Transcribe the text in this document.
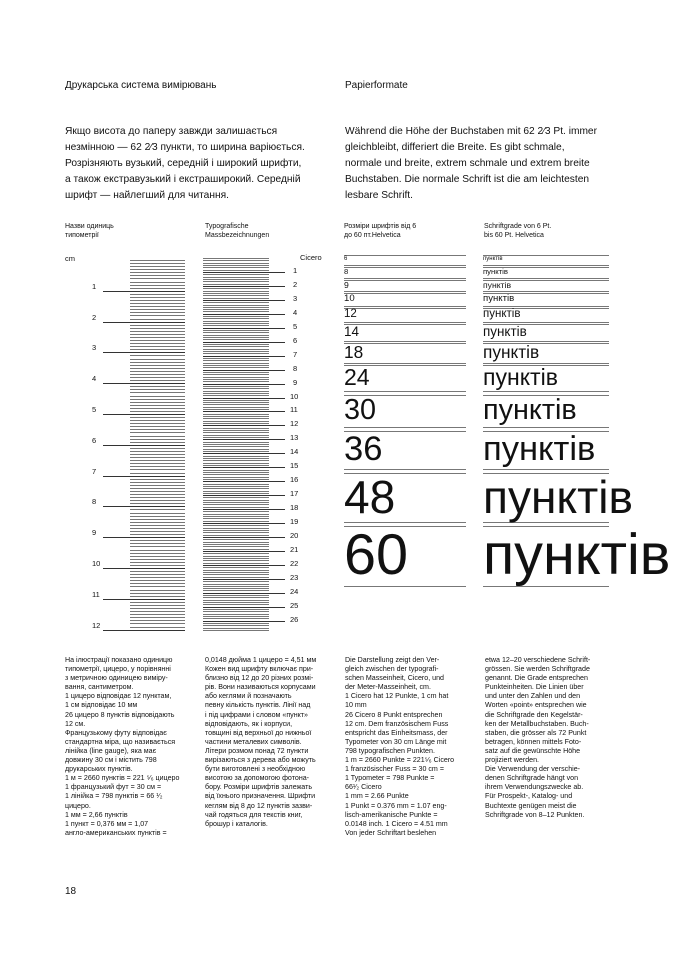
Друкарська система вимірювань	Papierformate
Якщо висота до паперу завжди залишається
незмінною — 62 2⁄3 пункти, то ширина варіюється.
Розрізняють вузький, середній і широкий шрифти,
а також екстравузький і екстраширокий. Середній
шрифт — найлегший для читання.
Während die Höhe der Buchstaben mit 62 2⁄3 Pt. immer
gleichbleibt, differiert die Breite. Es gibt schmale,
normale und breite, extrem schmale und extrem breite
Buchstaben. Die normale Schrift ist die am leichtesten
lesbare Schrift.
Назви одиниць
типометрії
Typografische
Massbezeichnungen
Розміри шрифтів від 6
до 60 пт.Helvetica
Schriftgrade von 6 Pt.
bis 60 Pt. Helvetica
cm	Cicero
1
2
3
4
5
6
7
8
9
10
11
12
1
2
3
4
5
6
7
8
9
10
11
12
13
14
15
16
17
18
19
20
21
22
23
24
25
26
6
8
9
10
12
14
18
24
30
36
48
60
пунктів
пунктів
пунктів
пунктів
пунктів
пунктів
пунктів
пунктів
пунктів
пунктів
пунктів
пунктів
На ілюстрації показано одиницю
типометрії, цицеро, у порівнянні
з метричною одиницею виміру-
вання, сантиметром.
1 цицеро відповідає 12 пунктам,
1 см відповідає 10 мм
26 цицеро 8 пунктів відповідають
12 см.
Французькому футу відповідає
стандартна міра, що називається
лінійка (line gauge), яка має
довжину 30 см і містить 798
друкарських пунктів.
1 м = 2660 пунктів = 221 ⁵⁄₆ цицеро
1 французький фут = 30 см =
1 лінійка = 798 пунктів = 66 ¹⁄₂
цицеро.
1 мм = 2,66 пунктів
1 пункт = 0,376 мм = 1,07
англо-американських пунктів =
0,0148 дюйма 1 цицеро = 4,51 мм
Кожен вид шрифту включає при-
близно від 12 до 20 різних розмі-
рів. Вони називаються корпусами
або кеглями й позначають
певну кількість пунктів. Лінії над
і під цифрами і словом «пункт»
відповідають, як і корпуси,
товщині від верхньої до нижньої
частини металевих символів.
Літери розмом понад 72 пункти
вирізаються з дерева або можуть
бути виготовлені з необхідною
висотою за допомогою фотона-
бору. Розміри шрифтів залежать
від їхнього призначення. Шрифти
кеглям від 8 до 12 пунктів зазви-
чай годяться для текстів книг,
брошур і каталогів.
Die Darstellung zeigt den Ver-
gleich zwischen der typografi-
schen Masseinheit, Cicero, und
der Meter-Masseinheit, cm.
1 Cicero hat 12 Punkte, 1 cm hat
10 mm
26 Cicero 8 Punkt entsprechen
12 cm. Dem französischem Fuss
entspricht das Einheitsmass, der
Typometer von 30 cm Länge mit
798 typografischen Punkten.
1 m = 2660 Punkte = 221⁵⁄₆ Cicero
1 französischer Fuss = 30 cm =
1 Typometer = 798 Punkte =
66¹⁄₂ Cicero
1 mm = 2.66 Punkte
1 Punkt = 0.376 mm = 1.07 eng-
lisch-amerikanische Punkte =
0.0148 inch. 1 Cicero = 4.51 mm
Von jeder Schriftart beslehen
etwa 12–20 verschiedene Schrift-
grössen. Sie werden Schriftgrade
genannt. Die Grade entsprechen
Punkteinheiten. Die Linien über
und unter den Zahlen und den
Worten «point» entsprechen wie
die Schriftgrade den Kegelstär-
ken der Metallbuchstaben. Buch-
staben, die grösser als 72 Punkt
betragen, können mittels Foto-
satz auf die gewünschte Höhe
projiziert werden.
Die Verwendung der verschie-
denen Schriftgrade hängt von
ihrem Verwendungszwecke ab.
Für Prospekt-, Katalog- und
Buchtexte genügen meist die
Schriftgrade von 8–12 Punkten.
18
